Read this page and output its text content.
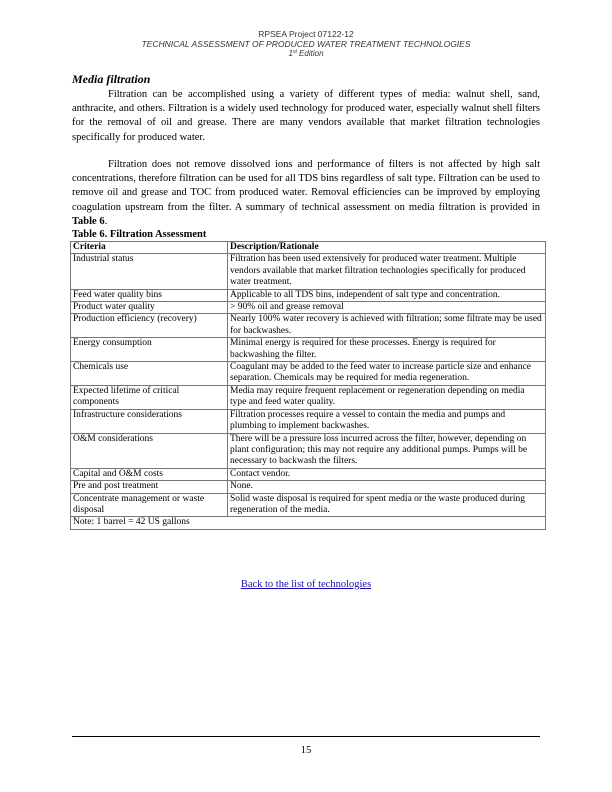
RPSEA Project 07122-12
TECHNICAL ASSESSMENT OF PRODUCED WATER TREATMENT TECHNOLOGIES
1st Edition
Media filtration

Filtration can be accomplished using a variety of different types of media: walnut shell, sand, anthracite, and others. Filtration is a widely used technology for produced water, especially walnut shell filters for the removal of oil and grease. There are many vendors available that market filtration technologies specifically for produced water.

Filtration does not remove dissolved ions and performance of filters is not affected by high salt concentrations, therefore filtration can be used for all TDS bins regardless of salt type. Filtration can be used to remove oil and grease and TOC from produced water. Removal efficiencies can be improved by employing coagulation upstream from the filter. A summary of technical assessment on media filtration is provided in Table 6.

Table 6. Filtration Assessment
Criteria	Description/Rationale
Industrial status	Filtration has been used extensively for produced water treatment. Multiple vendors available that market filtration technologies specifically for produced water treatment.
Feed water quality bins	Applicable to all TDS bins, independent of salt type and concentration.
Product water quality	> 90% oil and grease removal
Production efficiency (recovery)	Nearly 100% water recovery is achieved with filtration; some filtrate may be used for backwashes.
Energy consumption	Minimal energy is required for these processes. Energy is required for backwashing the filter.
Chemicals use	Coagulant may be added to the feed water to increase particle size and enhance separation. Chemicals may be required for media regeneration.
Expected lifetime of critical components	Media may require frequent replacement or regeneration depending on media type and feed water quality.
Infrastructure considerations	Filtration processes require a vessel to contain the media and pumps and plumbing to implement backwashes.
O&M considerations	There will be a pressure loss incurred across the filter, however, depending on plant configuration; this may not require any additional pumps. Pumps will be necessary to backwash the filters.
Capital and O&M costs	Contact vendor.
Pre and post treatment	None.
Concentrate management or waste disposal	Solid waste disposal is required for spent media or the waste produced during regeneration of the media.
Note: 1 barrel = 42 US gallons	
Back to the list of technologies
15
